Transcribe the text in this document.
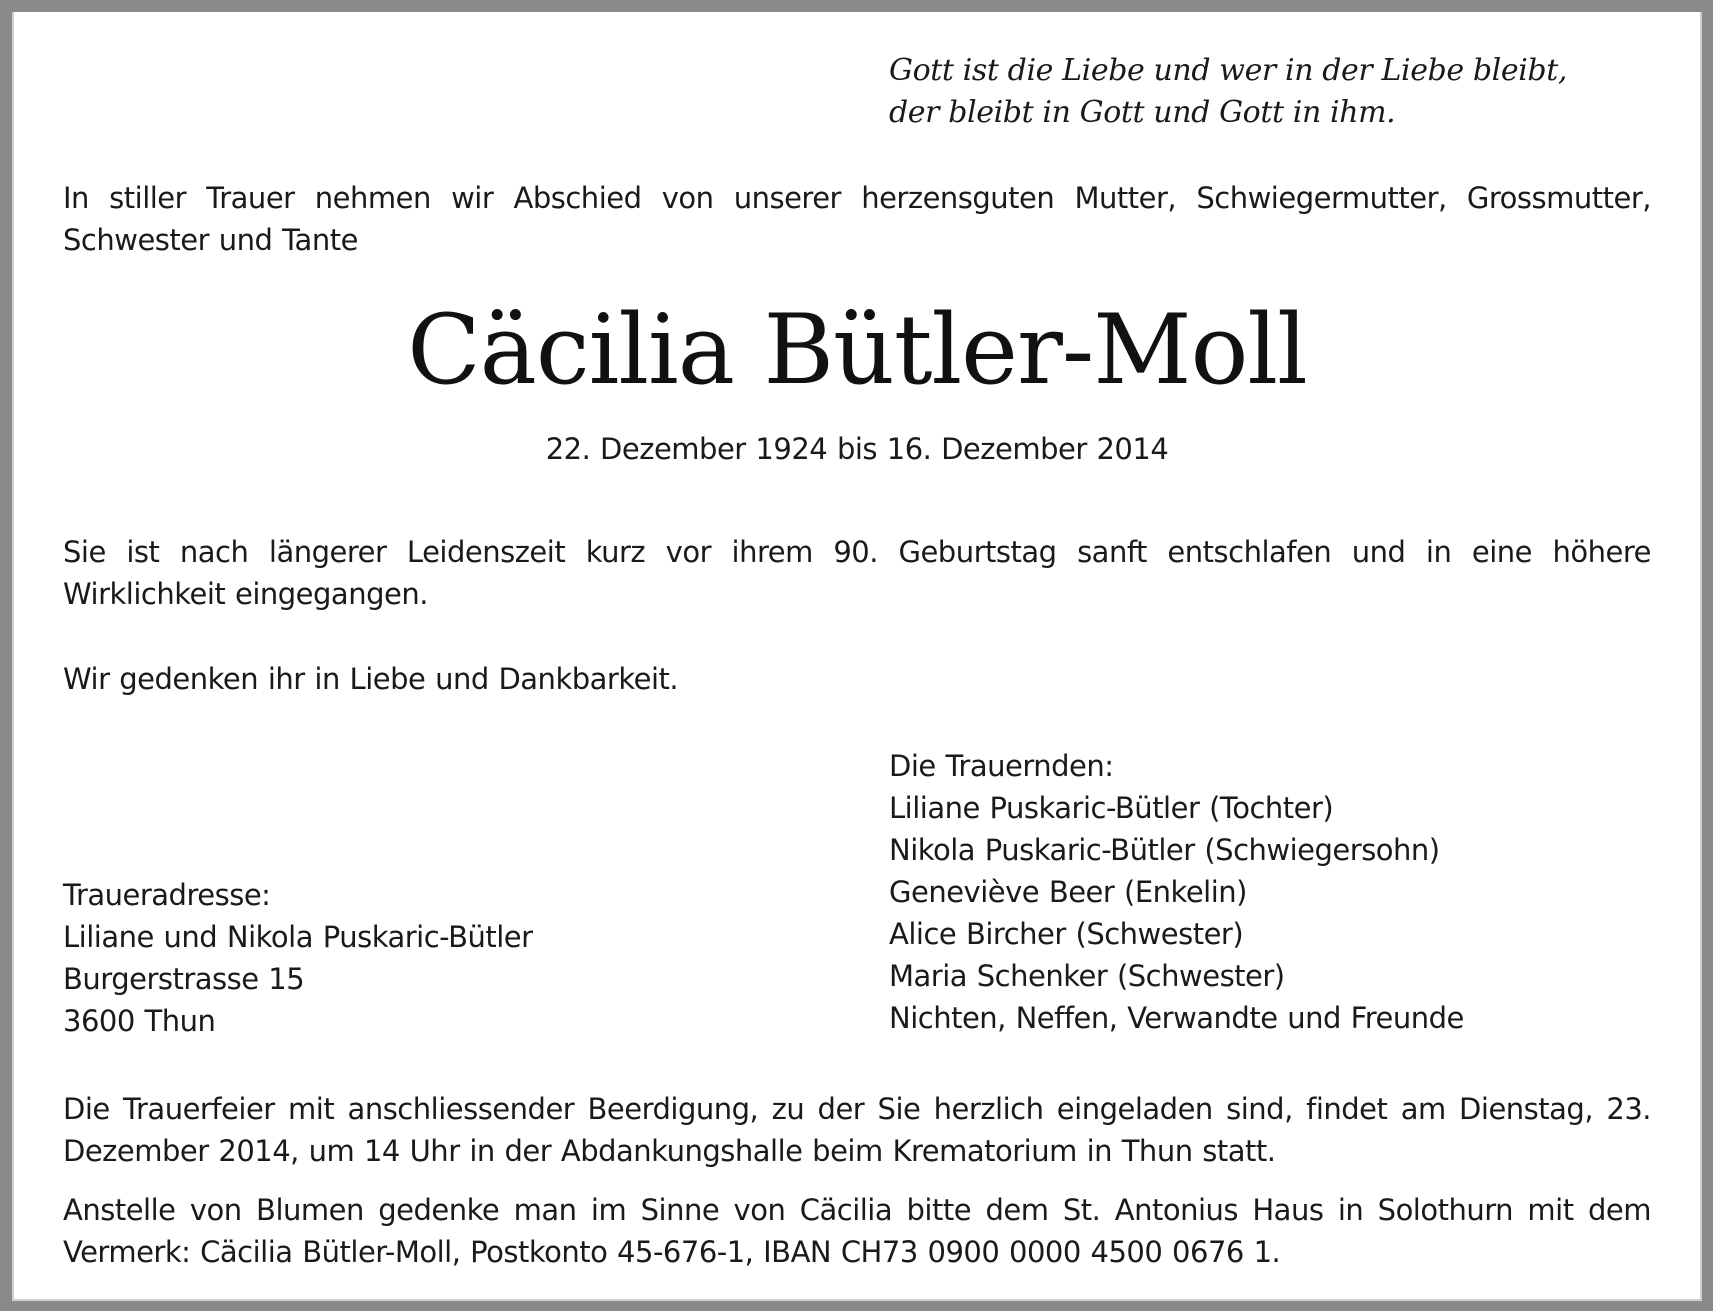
Gott ist die Liebe und wer in der Liebe bleibt,
der bleibt in Gott und Gott in ihm.
In stiller Trauer nehmen wir Abschied von unserer herzensguten Mutter, Schwiegermutter, Grossmutter, Schwester und Tante
Cäcilia Bütler-Moll
22. Dezember 1924 bis 16. Dezember 2014
Sie ist nach längerer Leidenszeit kurz vor ihrem 90. Geburtstag sanft entschlafen und in eine höhere Wirklichkeit eingegangen.
Wir gedenken ihr in Liebe und Dankbarkeit.
Die Trauernden:
Liliane Puskaric-Bütler (Tochter)
Nikola Puskaric-Bütler (Schwiegersohn)
Geneviève Beer (Enkelin)
Alice Bircher (Schwester)
Maria Schenker (Schwester)
Nichten, Neffen, Verwandte und Freunde
Traueradresse:
Liliane und Nikola Puskaric-Bütler
Burgerstrasse 15
3600 Thun
Die Trauerfeier mit anschliessender Beerdigung, zu der Sie herzlich eingeladen sind, findet am Dienstag, 23. Dezember 2014, um 14 Uhr in der Abdankungshalle beim Krematorium in Thun statt.
Anstelle von Blumen gedenke man im Sinne von Cäcilia bitte dem St. Antonius Haus in Solothurn mit dem Vermerk: Cäcilia Bütler-Moll, Postkonto 45-676-1, IBAN CH73 0900 0000 4500 0676 1.
